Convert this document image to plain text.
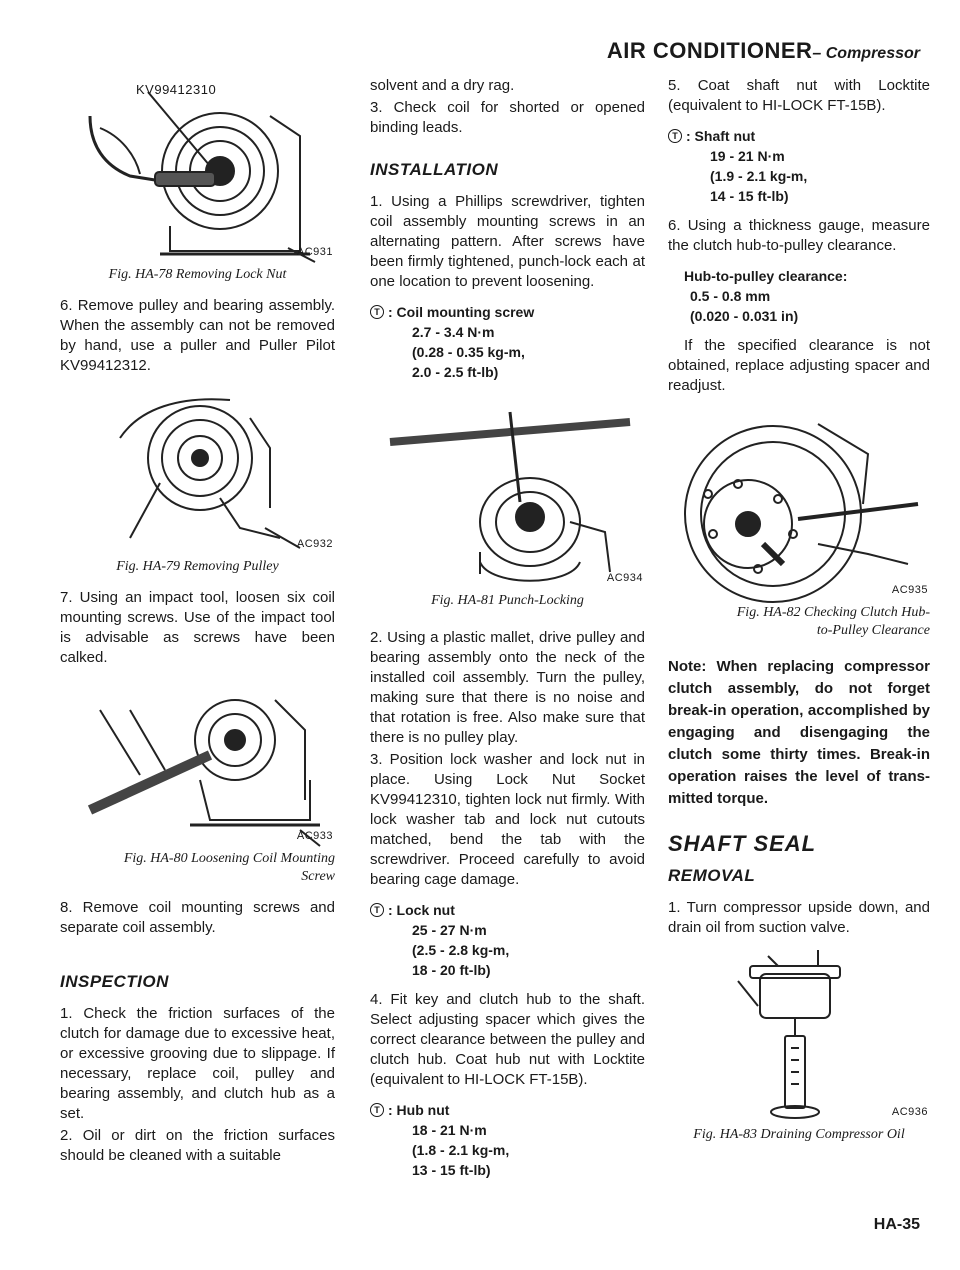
AIR CONDITIONER – Compressor
KV99412310
AC931
Fig. HA-78 Removing Lock Nut

6. Remove pulley and bearing assembly. When the assembly can not be removed by hand, use a puller and Puller Pilot KV99412312.

AC932
Fig. HA-79 Removing Pulley

7. Using an impact tool, loosen six coil mounting screws. Use of the impact tool is advisable as screws have been calked.

AC933
Fig. HA-80 Loosening Coil Mounting
Screw

8. Remove coil mounting screws and separate coil assembly.

INSPECTION

1. Check the friction surfaces of the clutch for damage due to excessive heat, or excessive grooving due to slippage. If necessary, replace coil, pulley and bearing assembly, and clutch hub as a set.

2. Oil or dirt on the friction surfaces should be cleaned with a suitable

solvent and a dry rag.

3. Check coil for shorted or opened binding leads.

INSTALLATION

1. Using a Phillips screwdriver, tighten coil assembly mounting screws in an alternating pattern. After screws have been firmly tightened, punch-lock each at one location to prevent loosening.

T : Coil mounting screw
2.7 - 3.4 N·m
(0.28 - 0.35 kg-m,
2.0 - 2.5 ft-lb)
AC934
Fig. HA-81 Punch-Locking

2. Using a plastic mallet, drive pulley and bearing assembly onto the neck of the installed coil assembly. Turn the pulley, making sure that there is no noise and that rotation is free. Also make sure that there is no pulley play.

3. Position lock washer and lock nut in place. Using Lock Nut Socket KV99412310, tighten lock nut firmly. With lock washer tab and lock nut cutouts matched, bend the tab with the screwdriver. Proceed carefully to avoid bearing cage damage.

T : Lock nut
25 - 27 N·m
(2.5 - 2.8 kg-m,
18 - 20 ft-lb)

4. Fit key and clutch hub to the shaft. Select adjusting spacer which gives the correct clearance between the pulley and clutch hub. Coat hub nut with Locktite (equivalent to HI-LOCK FT-15B).

T : Hub nut
18 - 21 N·m
(1.8 - 2.1 kg-m,
13 - 15 ft-lb)

5. Coat shaft nut with Locktite (equivalent to HI-LOCK FT-15B).

T : Shaft nut
19 - 21 N·m
(1.9 - 2.1 kg-m,
14 - 15 ft-lb)

6. Using a thickness gauge, measure the clutch hub-to-pulley clearance.

Hub-to-pulley clearance:
0.5 - 0.8 mm
(0.020 - 0.031 in)

If the specified clearance is not obtained, replace adjusting spacer and readjust.

AC935
Fig. HA-82 Checking Clutch Hub-
to-Pulley Clearance
Note: When replacing compressor clutch assembly, do not forget break-in operation, accomplished by engaging and disengaging the clutch some thirty times. Break-in operation raises the level of transmitted torque.
SHAFT SEAL
REMOVAL

1. Turn compressor upside down, and drain oil from suction valve.

AC936
Fig. HA-83 Draining Compressor Oil
HA-35
